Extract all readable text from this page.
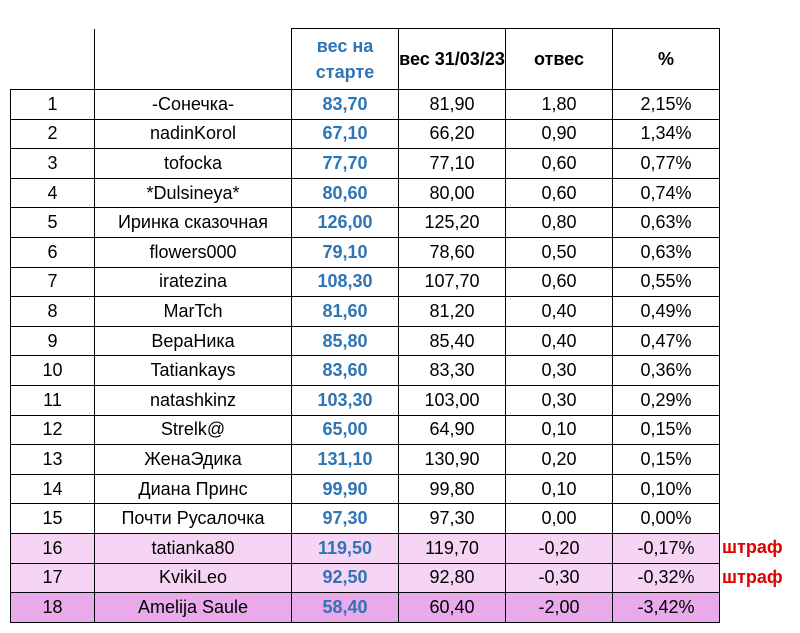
		вес на старте	вес 31/03/23	отвес	%
1	-Сонечка-	83,70	81,90	1,80	2,15%
2	nadinKorol	67,10	66,20	0,90	1,34%
3	tofocka	77,70	77,10	0,60	0,77%
4	*Dulsineya*	80,60	80,00	0,60	0,74%
5	Иринка сказочная	126,00	125,20	0,80	0,63%
6	flowers000	79,10	78,60	0,50	0,63%
7	iratezina	108,30	107,70	0,60	0,55%
8	MarTch	81,60	81,20	0,40	0,49%
9	ВераНика	85,80	85,40	0,40	0,47%
10	Tatiankays	83,60	83,30	0,30	0,36%
11	natashkinz	103,30	103,00	0,30	0,29%
12	Strelk@	65,00	64,90	0,10	0,15%
13	ЖенаЭдика	131,10	130,90	0,20	0,15%
14	Диана Принс	99,90	99,80	0,10	0,10%
15	Почти Русалочка	97,30	97,30	0,00	0,00%
16	tatianka80	119,50	119,70	-0,20	-0,17%
17	KvikiLeo	92,50	92,80	-0,30	-0,32%
18	Amelija Saule	58,40	60,40	-2,00	-3,42%
штраф
штраф
